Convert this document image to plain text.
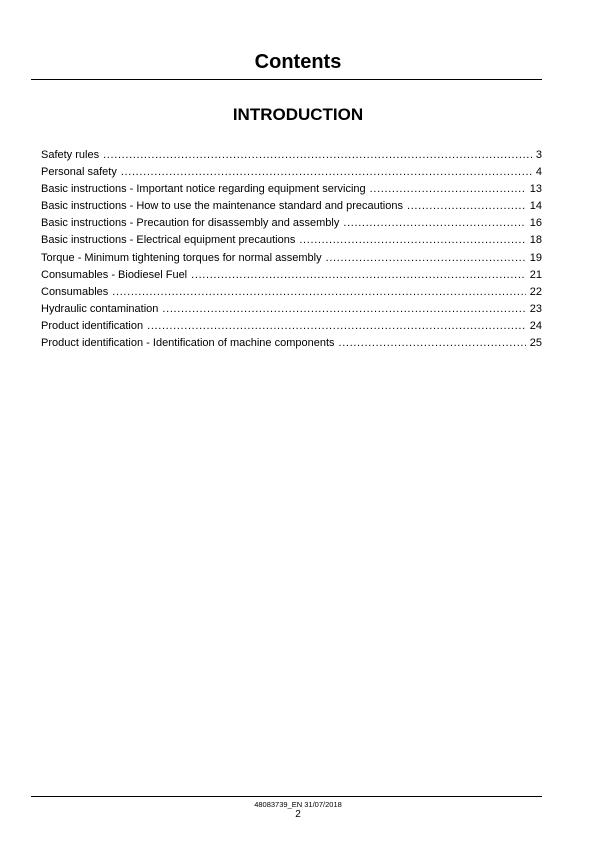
Contents
INTRODUCTION
Safety rules . . .	3
Personal safety . . .	4
Basic instructions - Important notice regarding equipment servicing . . .	13
Basic instructions - How to use the maintenance standard and precautions . . .	14
Basic instructions - Precaution for disassembly and assembly . . .	16
Basic instructions - Electrical equipment precautions . . .	18
Torque - Minimum tightening torques for normal assembly . . .	19
Consumables - Biodiesel Fuel . . .	21
Consumables . . .	22
Hydraulic contamination . . .	23
Product identification . . .	24
Product identification - Identification of machine components . . .	25
48083739_EN 31/07/2018
2
